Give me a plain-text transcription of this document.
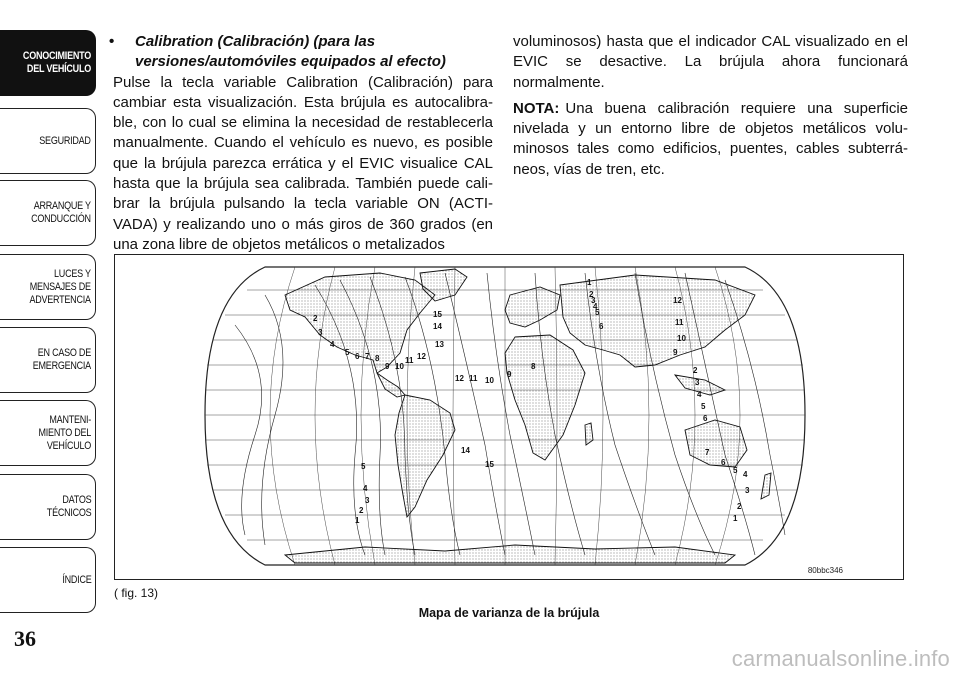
CONOCIMIENTO
DEL VEHÍCULO
SEGURIDAD
ARRANQUE Y
CONDUCCIÓN
LUCES Y
MENSAJES DE
ADVERTENCIA
EN CASO DE
EMERGENCIA
MANTENI-
MIENTO DEL
VEHÍCULO
DATOS
TÉCNICOS
ÍNDICE
36

• Calibration (Calibración) (para las
versiones/automóviles equipados al efecto)

Pulse la tecla variable Calibration (Calibración) para cambiar esta visualización. Esta brújula es autocalibra-ble, con lo cual se elimina la necesidad de restablecerla manualmente. Cuando el vehículo es nuevo, es posible que la brújula parezca errática y el EVIC visualice CAL hasta que la brújula sea calibrada. También puede cali-brar la brújula pulsando la tecla variable ON (ACTI-VADA) y realizando uno o más giros de 360 grados (en una zona libre de objetos metálicos o metalizados

voluminosos) hasta que el indicador CAL visualizado en el EVIC se desactive. La brújula ahora funcionará normalmente.

NOTA: Una buena calibración requiere una superficie nivelada y un entorno libre de objetos metálicos volu-minosos tales como edificios, puentes, cables subterrá-neos, vías de tren, etc.

2
3
4
5 6 7 8
9 10
11 12
13
14
15
12 11 10
9
8
1
2
3
4
5
6
12
11
10
9
14
15
5
4
3
2
1
7
6
5 4
3
2
1
2
3
4
5
6
80bbc346
( fig. 13)
Mapa de varianza de la brújula
carmanualsonline.info
